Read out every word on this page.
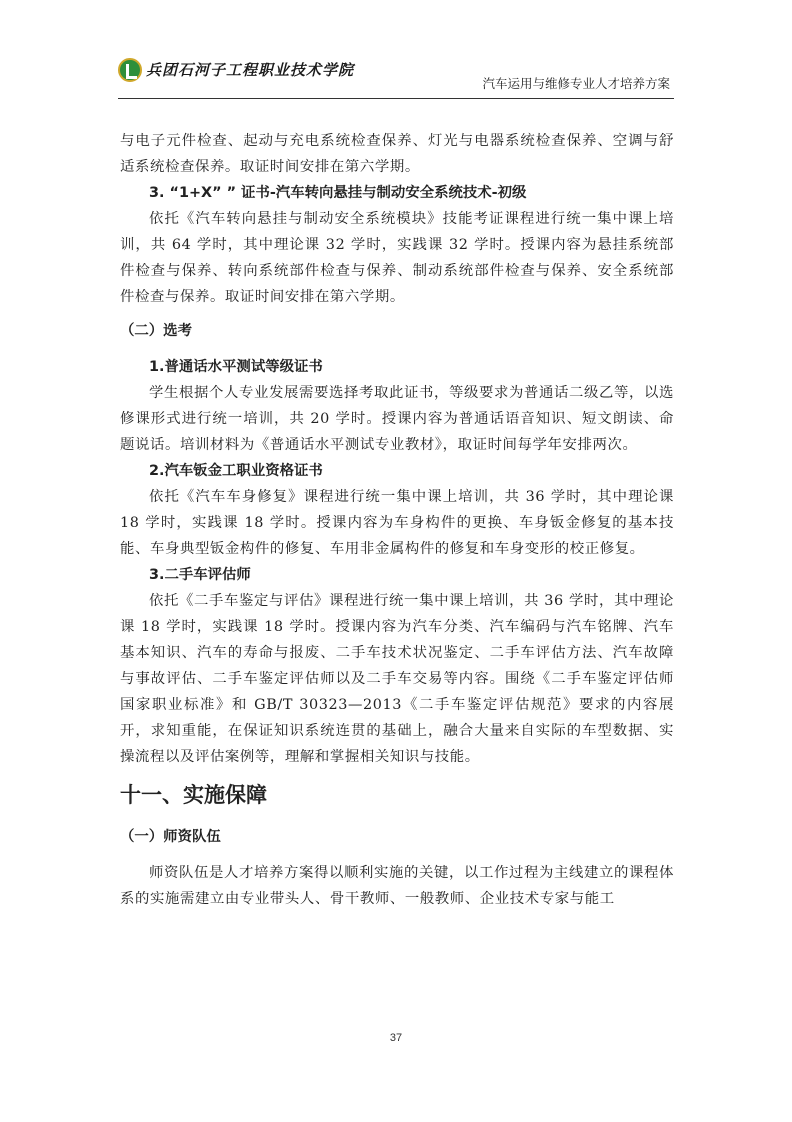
兵团石河子工程职业技术学院
汽车运用与维修专业人才培养方案

与电子元件检查、起动与充电系统检查保养、灯光与电器系统检查保养、空调与舒适系统检查保养。取证时间安排在第六学期。

3. “1+X” ” 证书-汽车转向悬挂与制动安全系统技术-初级

依托《汽车转向悬挂与制动安全系统模块》技能考证课程进行统一集中课上培训，共 64 学时，其中理论课 32 学时，实践课 32 学时。授课内容为悬挂系统部件检查与保养、转向系统部件检查与保养、制动系统部件检查与保养、安全系统部件检查与保养。取证时间安排在第六学期。

（二）选考

1.普通话水平测试等级证书

学生根据个人专业发展需要选择考取此证书，等级要求为普通话二级乙等，以选修课形式进行统一培训，共 20 学时。授课内容为普通话语音知识、短文朗读、命题说话。培训材料为《普通话水平测试专业教材》，取证时间每学年安排两次。

2.汽车钣金工职业资格证书

依托《汽车车身修复》课程进行统一集中课上培训，共 36 学时，其中理论课 18 学时，实践课 18 学时。授课内容为车身构件的更换、车身钣金修复的基本技能、车身典型钣金构件的修复、车用非金属构件的修复和车身变形的校正修复。

3.二手车评估师

依托《二手车鉴定与评估》课程进行统一集中课上培训，共 36 学时，其中理论课 18 学时，实践课 18 学时。授课内容为汽车分类、汽车编码与汽车铭牌、汽车基本知识、汽车的寿命与报废、二手车技术状况鉴定、二手车评估方法、汽车故障与事故评估、二手车鉴定评估师以及二手车交易等内容。围绕《二手车鉴定评估师国家职业标准》和 GB/T 30323—2013《二手车鉴定评估规范》要求的内容展开，求知重能，在保证知识系统连贯的基础上，融合大量来自实际的车型数据、实操流程以及评估案例等，理解和掌握相关知识与技能。

十一、实施保障

（一）师资队伍

师资队伍是人才培养方案得以顺利实施的关键，以工作过程为主线建立的课程体系的实施需建立由专业带头人、骨干教师、一般教师、企业技术专家与能工

37
